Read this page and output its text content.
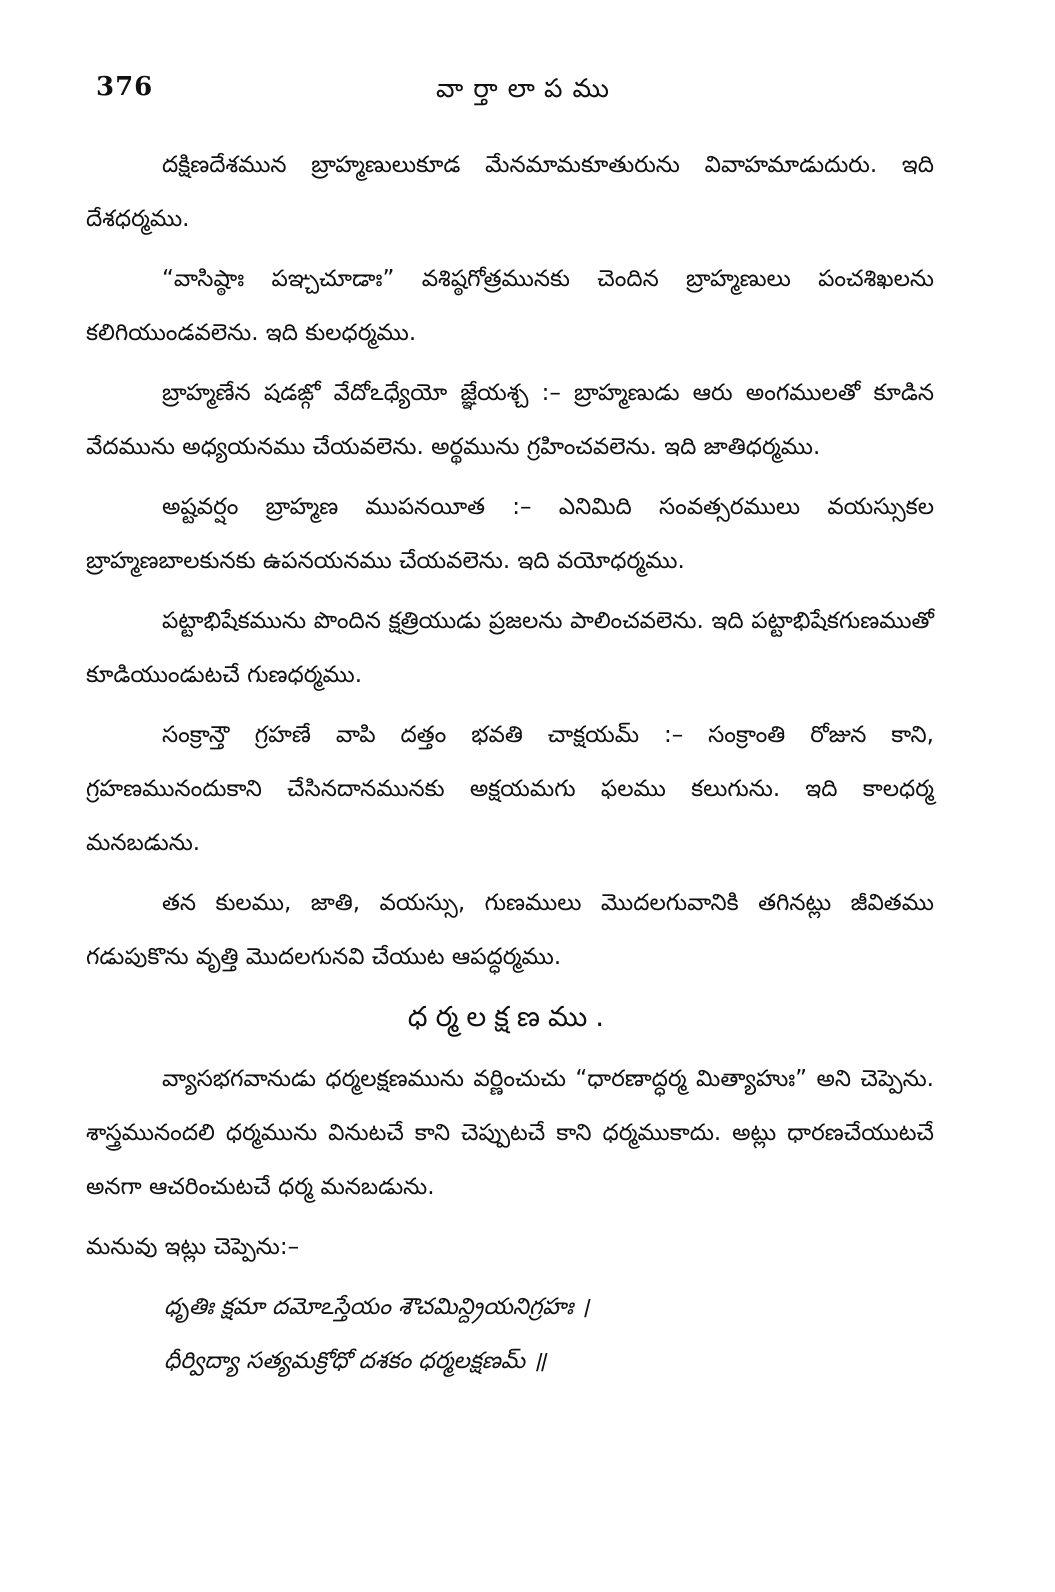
376	వార్తాలాపము

దక్షిణదేశమున బ్రాహ్మణులుకూడ మేనమామకూతురును వివాహమాడుదురు. ఇది దేశధర్మము.

“వాసిష్ఠాః పఞ్చచూడాః” వశిష్ఠగోత్రమునకు చెందిన బ్రాహ్మణులు పంచశిఖలను కలిగియుండవలెను. ఇది కులధర్మము.

బ్రాహ్మణేన షడఙ్గో వేదోఽధ్యేయో జ్ఞేయశ్చ :– బ్రాహ్మణుడు ఆరు అంగములతో కూడిన వేదమును అధ్యయనము చేయవలెను. అర్థమును గ్రహించవలెను. ఇది జాతిధర్మము.

అష్టవర్షం బ్రాహ్మణ ముపనయీత :– ఎనిమిది సంవత్సరములు వయస్సుకల బ్రాహ్మణబాలకునకు ఉపనయనము చేయవలెను. ఇది వయోధర్మము.

పట్టాభిషేకమును పొందిన క్షత్రియుడు ప్రజలను పాలించవలెను. ఇది పట్టాభిషేకగుణముతో కూడియుండుటచే గుణధర్మము.

సంక్రాన్తౌ గ్రహణే వాపి దత్తం భవతి చాక్షయమ్ :– సంక్రాంతి రోజున కాని, గ్రహణమునందుకాని చేసినదానమునకు అక్షయమగు ఫలము కలుగును. ఇది కాలధర్మ మనబడును.

తన కులము, జాతి, వయస్సు, గుణములు మొదలగువానికి తగినట్లు జీవితము గడుపుకొను వృత్తి మొదలగునవి చేయుట ఆపద్ధర్మము.

ధర్మలక్షణము.

వ్యాసభగవానుడు ధర్మలక్షణమును వర్ణించుచు “ధారణాద్ధర్మ మిత్యాహుః” అని చెప్పెను. శాస్త్రమునందలి ధర్మమును వినుటచే కాని చెప్పుటచే కాని ధర్మముకాదు. అట్లు ధారణచేయుటచే అనగా ఆచరించుటచే ధర్మ మనబడును.

మనువు ఇట్లు చెప్పెను:–

ధృతిః క్షమా దమోఽస్తేయం శౌచమిన్ద్రియనిగ్రహః ।

ధీర్విద్యా సత్యమక్రోధో దశకం ధర్మలక్షణమ్ ॥
